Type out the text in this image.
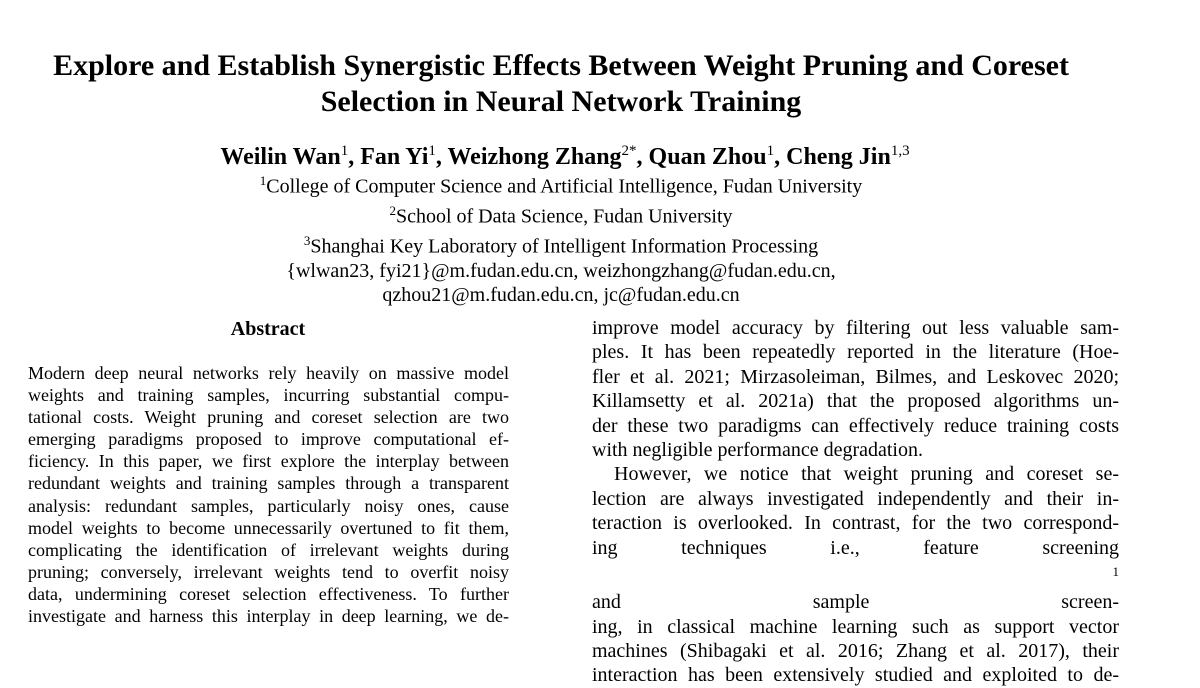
Explore and Establish Synergistic Effects Between Weight Pruning and Coreset
Selection in Neural Network Training
Weilin Wan$^1$, Fan Yi$^1$, Weizhong Zhang$^{2*}$, Quan Zhou$^1$, Cheng Jin$^{1,3}$
$^1$College of Computer Science and Artificial Intelligence, Fudan University
$^2$School of Data Science, Fudan University
$^3$Shanghai Key Laboratory of Intelligent Information Processing
{wlwan23, fyi21}@m.fudan.edu.cn, weizhongzhang@fudan.edu.cn,
qzhou21@m.fudan.edu.cn, jc@fudan.edu.cn
Abstract
Modern deep neural networks rely heavily on massive model
weights and training samples, incurring substantial compu-
tational costs. Weight pruning and coreset selection are two
emerging paradigms proposed to improve computational ef-
ficiency. In this paper, we first explore the interplay between
redundant weights and training samples through a transparent
analysis: redundant samples, particularly noisy ones, cause
model weights to become unnecessarily overtuned to fit them,
complicating the identification of irrelevant weights during
pruning; conversely, irrelevant weights tend to overfit noisy
data, undermining coreset selection effectiveness. To further
investigate and harness this interplay in deep learning, we de-
improve model accuracy by filtering out less valuable sam-
ples. It has been repeatedly reported in the literature (Hoe-
fler et al. 2021; Mirzasoleiman, Bilmes, and Leskovec 2020;
Killamsetty et al. 2021a) that the proposed algorithms un-
der these two paradigms can effectively reduce training costs
with negligible performance degradation.
However, we notice that weight pruning and coreset se-
lection are always investigated independently and their in-
teraction is overlooked. In contrast, for the two correspond-
ing techniques i.e., feature screening
$^1$
and sample screen-
ing, in classical machine learning such as support vector
machines (Shibagaki et al. 2016; Zhang et al. 2017), their
interaction has been extensively studied and exploited to de-
